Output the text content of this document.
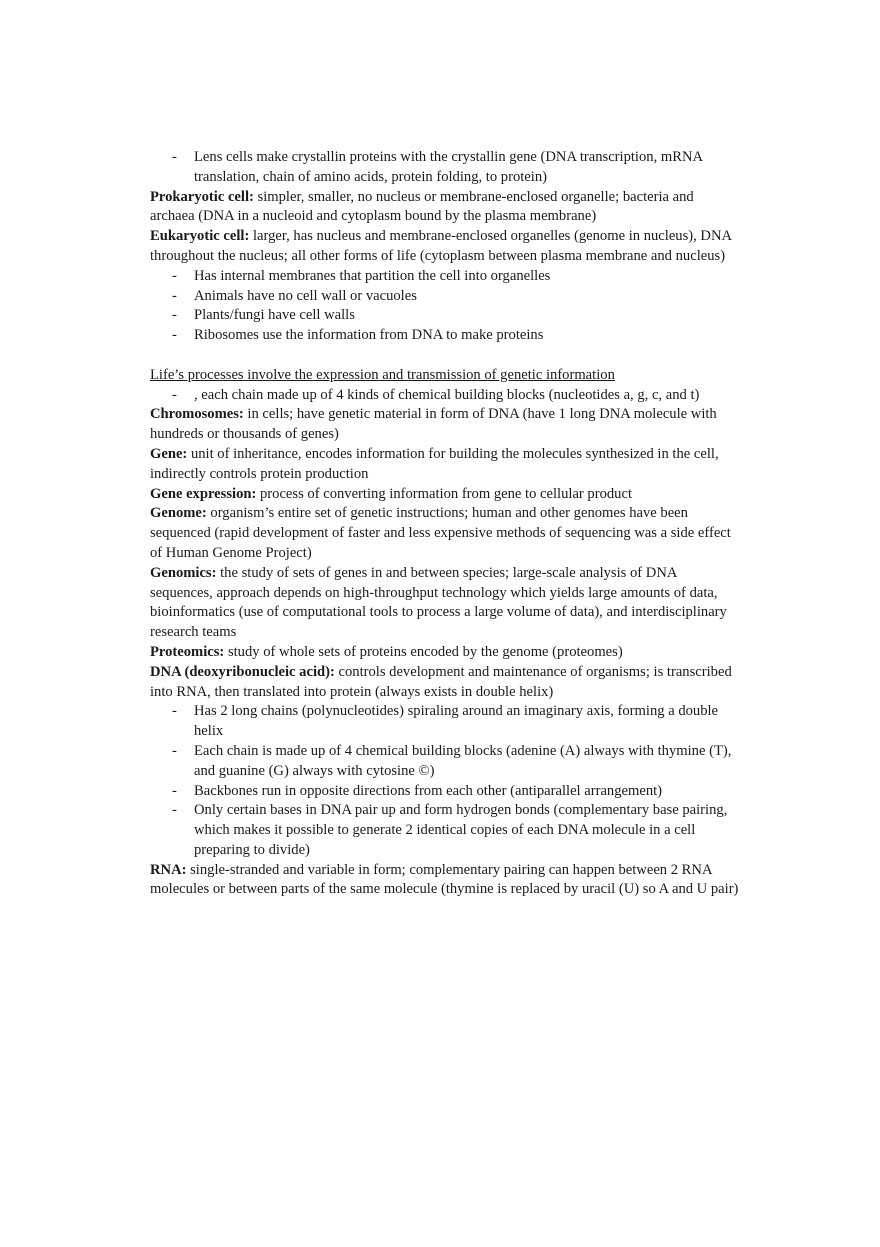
- Lens cells make crystallin proteins with the crystallin gene (DNA transcription, mRNA translation, chain of amino acids, protein folding, to protein)

Prokaryotic cell: simpler, smaller, no nucleus or membrane-enclosed organelle; bacteria and archaea (DNA in a nucleoid and cytoplasm bound by the plasma membrane)

Eukaryotic cell: larger, has nucleus and membrane-enclosed organelles (genome in nucleus), DNA throughout the nucleus; all other forms of life (cytoplasm between plasma membrane and nucleus)

- Has internal membranes that partition the cell into organelles
- Animals have no cell wall or vacuoles
- Plants/fungi have cell walls
- Ribosomes use the information from DNA to make proteins

Life’s processes involve the expression and transmission of genetic information

- , each chain made up of 4 kinds of chemical building blocks (nucleotides a, g, c, and t)

Chromosomes: in cells; have genetic material in form of DNA (have 1 long DNA molecule with hundreds or thousands of genes)

Gene: unit of inheritance, encodes information for building the molecules synthesized in the cell, indirectly controls protein production

Gene expression: process of converting information from gene to cellular product

Genome: organism’s entire set of genetic instructions; human and other genomes have been sequenced (rapid development of faster and less expensive methods of sequencing was a side effect of Human Genome Project)

Genomics: the study of sets of genes in and between species; large-scale analysis of DNA sequences, approach depends on high-throughput technology which yields large amounts of data, bioinformatics (use of computational tools to process a large volume of data), and interdisciplinary research teams

Proteomics: study of whole sets of proteins encoded by the genome (proteomes)

DNA (deoxyribonucleic acid): controls development and maintenance of organisms; is transcribed into RNA, then translated into protein (always exists in double helix)

- Has 2 long chains (polynucleotides) spiraling around an imaginary axis, forming a double helix
- Each chain is made up of 4 chemical building blocks (adenine (A) always with thymine (T), and guanine (G) always with cytosine ©)
- Backbones run in opposite directions from each other (antiparallel arrangement)
- Only certain bases in DNA pair up and form hydrogen bonds (complementary base pairing, which makes it possible to generate 2 identical copies of each DNA molecule in a cell preparing to divide)

RNA: single-stranded and variable in form; complementary pairing can happen between 2 RNA molecules or between parts of the same molecule (thymine is replaced by uracil (U) so A and U pair)
